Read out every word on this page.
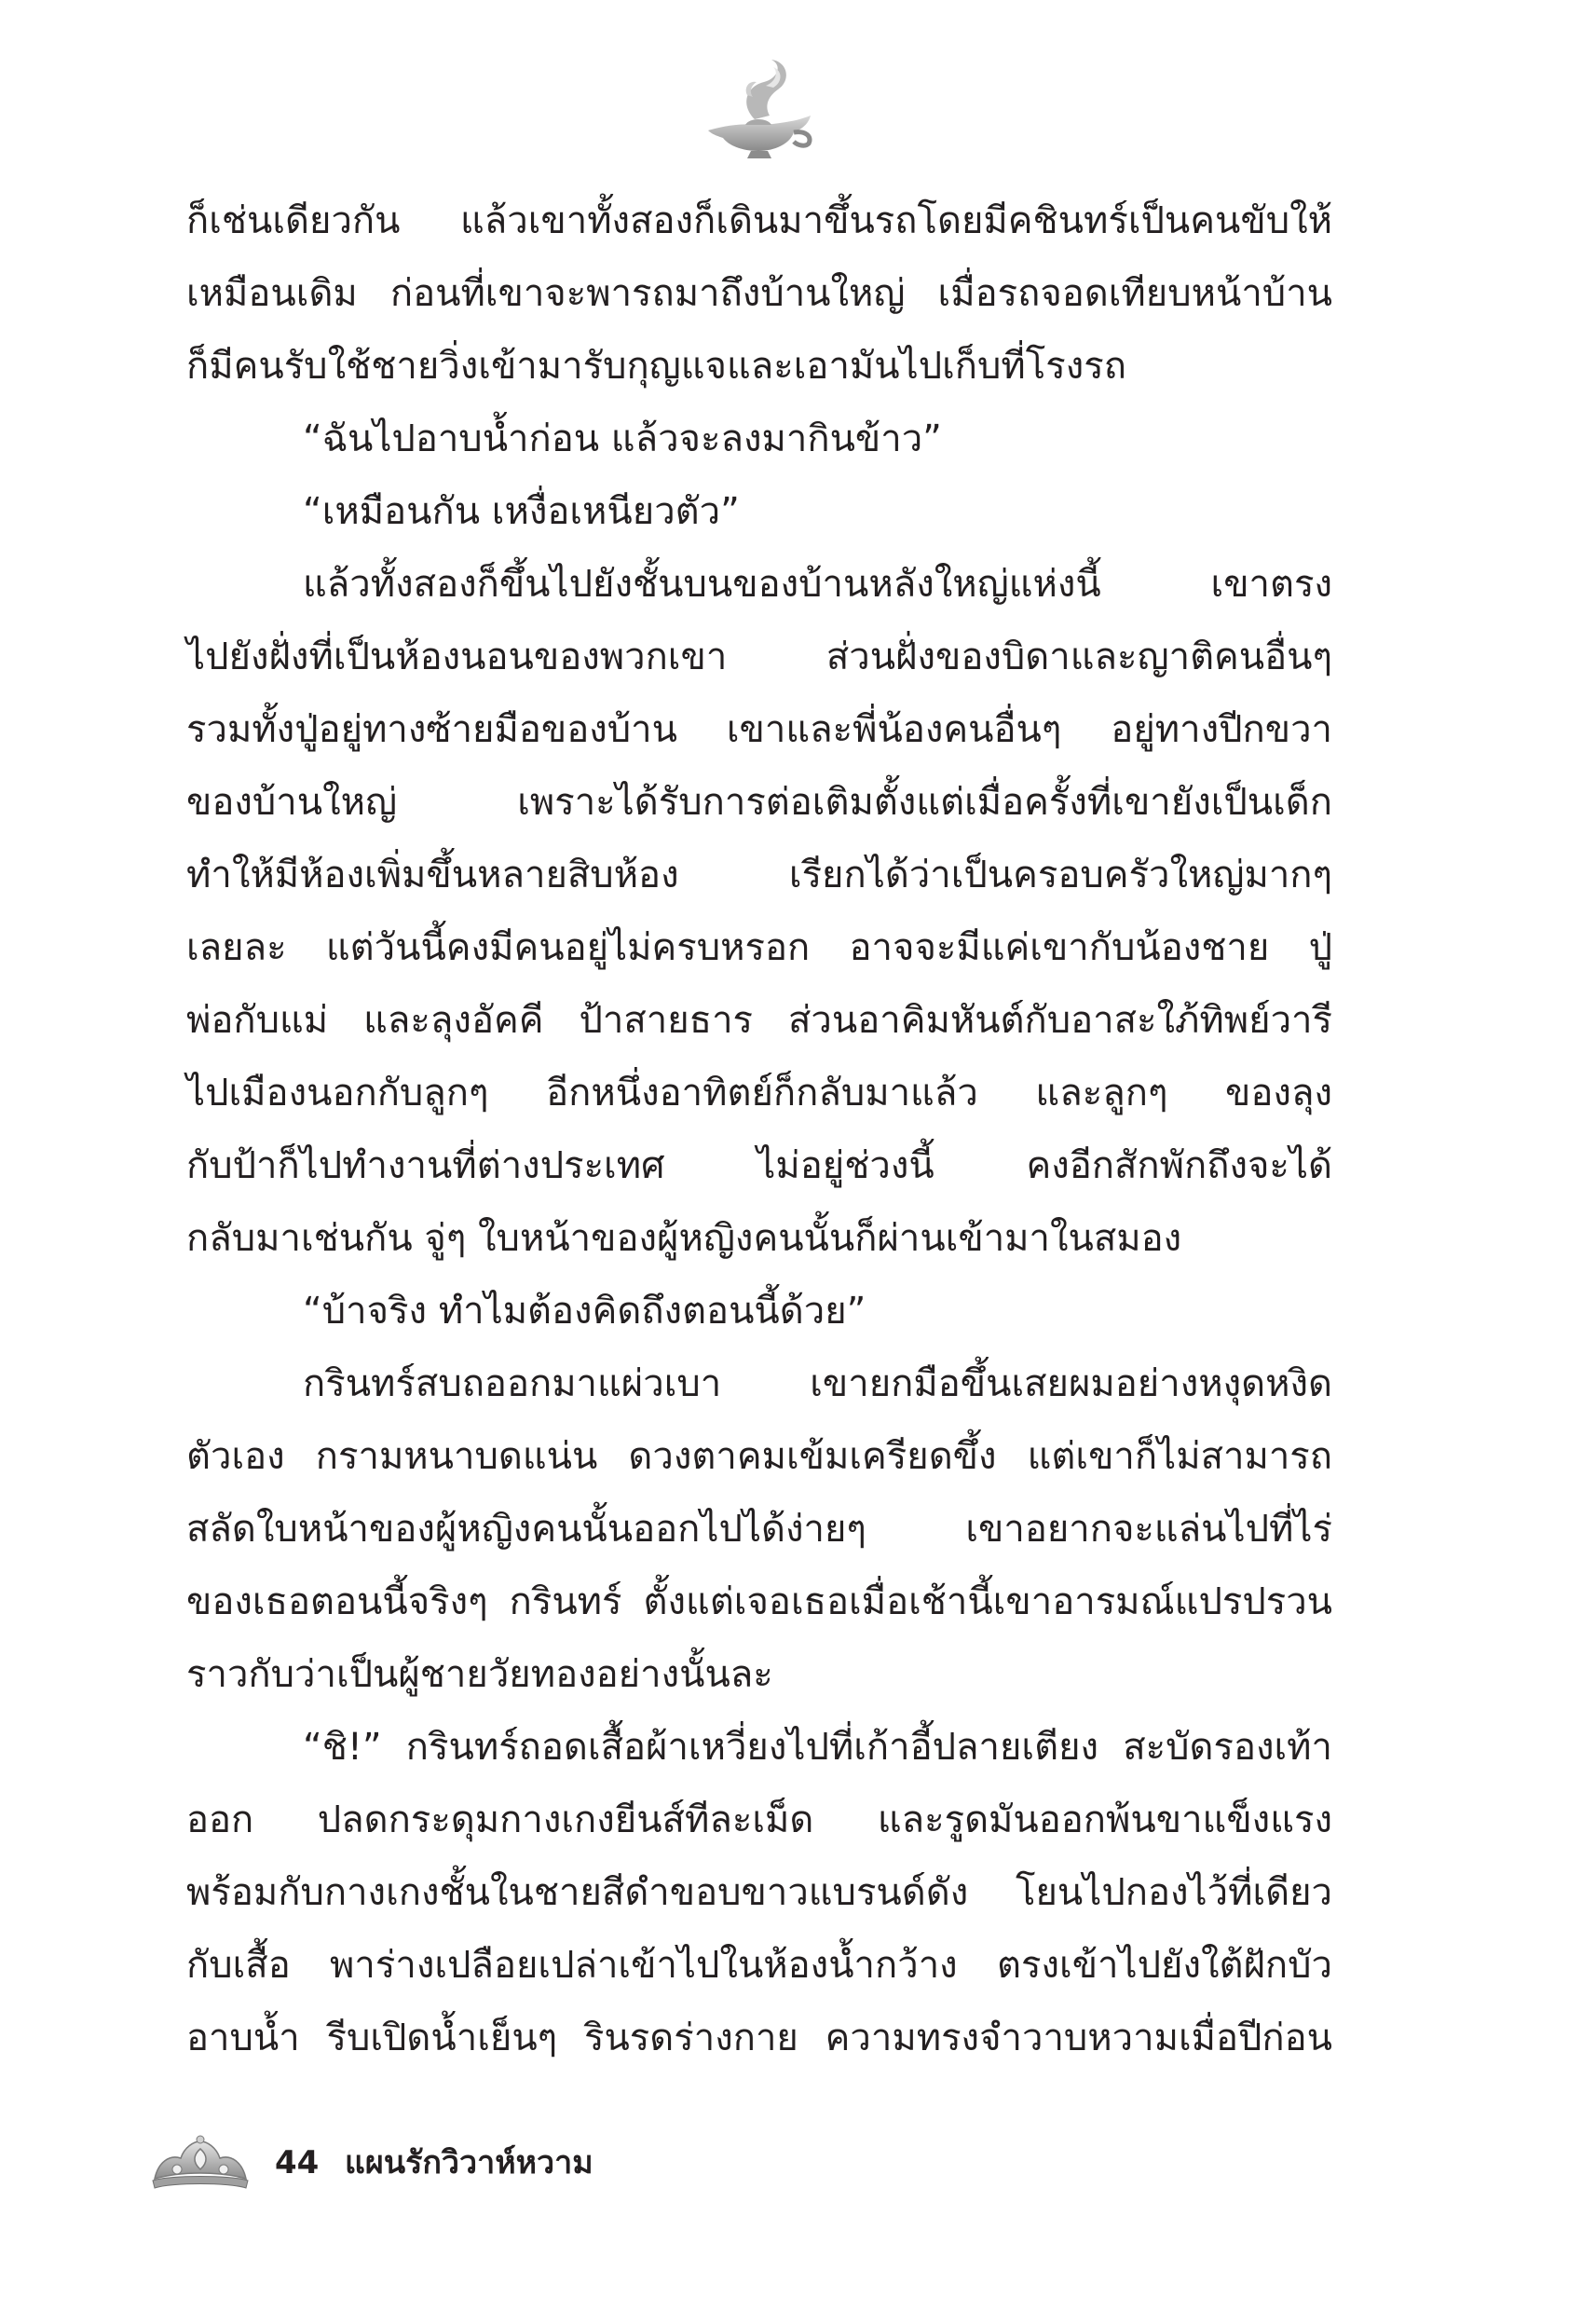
ก็เช่นเดียวกัน แล้วเขาทั้งสองก็เดินมาขึ้นรถโดยมีคชินทร์เป็นคนขับให้
เหมือนเดิม ก่อนที่เขาจะพารถมาถึงบ้านใหญ่ เมื่อรถจอดเทียบหน้าบ้าน
ก็มีคนรับใช้ชายวิ่งเข้ามารับกุญแจและเอามันไปเก็บที่โรงรถ
“ฉันไปอาบน้ำก่อน แล้วจะลงมากินข้าว”
“เหมือนกัน เหงื่อเหนียวตัว”
แล้วทั้งสองก็ขึ้นไปยังชั้นบนของบ้านหลังใหญ่แห่งนี้ เขาตรง
ไปยังฝั่งที่เป็นห้องนอนของพวกเขา ส่วนฝั่งของบิดาและญาติคนอื่นๆ
รวมทั้งปู่อยู่ทางซ้ายมือของบ้าน เขาและพี่น้องคนอื่นๆ อยู่ทางปีกขวา
ของบ้านใหญ่ เพราะได้รับการต่อเติมตั้งแต่เมื่อครั้งที่เขายังเป็นเด็ก
ทำให้มีห้องเพิ่มขึ้นหลายสิบห้อง เรียกได้ว่าเป็นครอบครัวใหญ่มากๆ
เลยละ แต่วันนี้คงมีคนอยู่ไม่ครบหรอก อาจจะมีแค่เขากับน้องชาย ปู่
พ่อกับแม่ และลุงอัคคี ป้าสายธาร ส่วนอาคิมหันต์กับอาสะใภ้ทิพย์วารี
ไปเมืองนอกกับลูกๆ อีกหนึ่งอาทิตย์ก็กลับมาแล้ว และลูกๆ ของลุง
กับป้าก็ไปทำงานที่ต่างประเทศ ไม่อยู่ช่วงนี้ คงอีกสักพักถึงจะได้
กลับมาเช่นกัน จู่ๆ ใบหน้าของผู้หญิงคนนั้นก็ผ่านเข้ามาในสมอง
“บ้าจริง ทำไมต้องคิดถึงตอนนี้ด้วย”
กรินทร์สบถออกมาแผ่วเบา เขายกมือขึ้นเสยผมอย่างหงุดหงิด
ตัวเอง กรามหนาบดแน่น ดวงตาคมเข้มเครียดขึ้ง แต่เขาก็ไม่สามารถ
สลัดใบหน้าของผู้หญิงคนนั้นออกไปได้ง่ายๆ เขาอยากจะแล่นไปที่ไร่
ของเธอตอนนี้จริงๆ กรินทร์ ตั้งแต่เจอเธอเมื่อเช้านี้เขาอารมณ์แปรปรวน
ราวกับว่าเป็นผู้ชายวัยทองอย่างนั้นละ
“ชิ!” กรินทร์ถอดเสื้อผ้าเหวี่ยงไปที่เก้าอี้ปลายเตียง สะบัดรองเท้า
ออก ปลดกระดุมกางเกงยีนส์ทีละเม็ด และรูดมันออกพ้นขาแข็งแรง
พร้อมกับกางเกงชั้นในชายสีดำขอบขาวแบรนด์ดัง โยนไปกองไว้ที่เดียว
กับเสื้อ พาร่างเปลือยเปล่าเข้าไปในห้องน้ำกว้าง ตรงเข้าไปยังใต้ฝักบัว
อาบน้ำ รีบเปิดน้ำเย็นๆ รินรดร่างกาย ความทรงจำวาบหวามเมื่อปีก่อน
44 แผนรักวิวาห์หวาม
